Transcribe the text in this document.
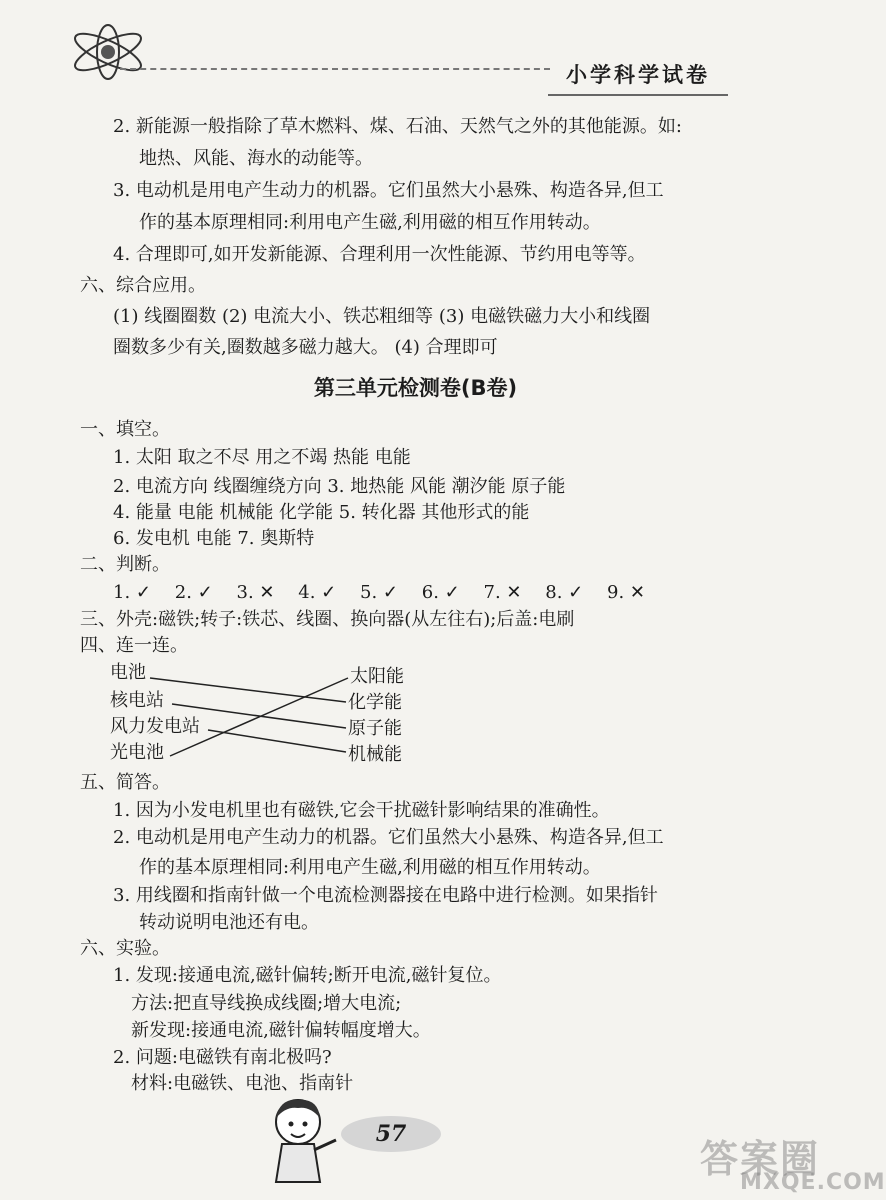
小学科学试卷
2. 新能源一般指除了草木燃料、煤、石油、天然气之外的其他能源。如:
地热、风能、海水的动能等。
3. 电动机是用电产生动力的机器。它们虽然大小悬殊、构造各异,但工
作的基本原理相同:利用电产生磁,利用磁的相互作用转动。
4. 合理即可,如开发新能源、合理利用一次性能源、节约用电等等。
六、综合应用。
(1) 线圈圈数 (2) 电流大小、铁芯粗细等 (3) 电磁铁磁力大小和线圈
圈数多少有关,圈数越多磁力越大。 (4) 合理即可
第三单元检测卷(B卷)
一、填空。
1. 太阳 取之不尽 用之不竭 热能 电能
2. 电流方向 线圈缠绕方向 3. 地热能 风能 潮汐能 原子能
4. 能量 电能 机械能 化学能 5. 转化器 其他形式的能
6. 发电机 电能 7. 奥斯特
二、判断。
1. ✓ 2. ✓ 3. ✕ 4. ✓ 5. ✓ 6. ✓ 7. ✕ 8. ✓ 9. ✕
三、外壳:磁铁;转子:铁芯、线圈、换向器(从左往右);后盖:电刷
四、连一连。
电池
核电站
风力发电站
光电池
太阳能
化学能
原子能
机械能
五、简答。
1. 因为小发电机里也有磁铁,它会干扰磁针影响结果的准确性。
2. 电动机是用电产生动力的机器。它们虽然大小悬殊、构造各异,但工
作的基本原理相同:利用电产生磁,利用磁的相互作用转动。
3. 用线圈和指南针做一个电流检测器接在电路中进行检测。如果指针
转动说明电池还有电。
六、实验。
1. 发现:接通电流,磁针偏转;断开电流,磁针复位。
方法:把直导线换成线圈;增大电流;
新发现:接通电流,磁针偏转幅度增大。
2. 问题:电磁铁有南北极吗?
材料:电磁铁、电池、指南针
57
答案圈
MXQE.COM
